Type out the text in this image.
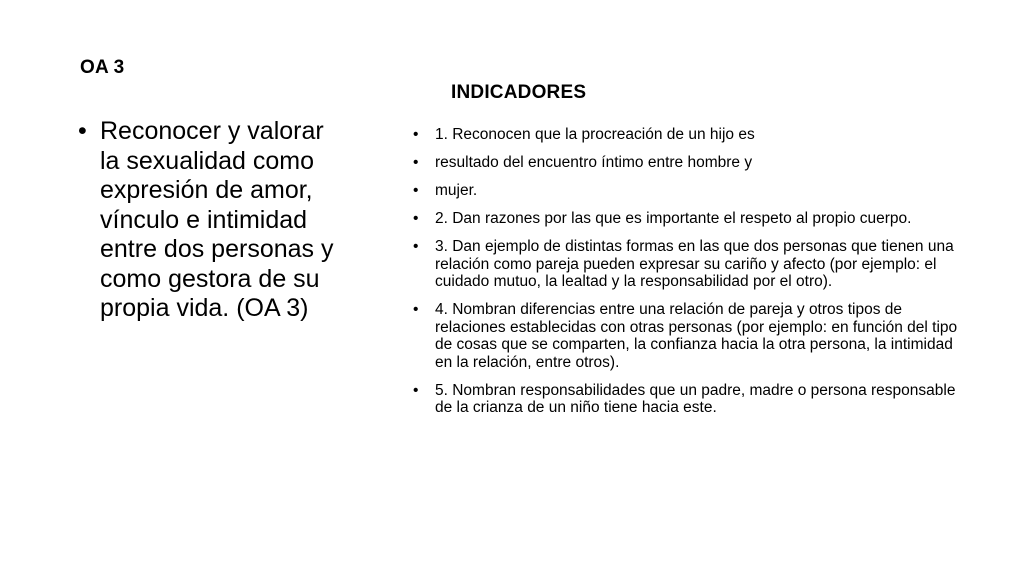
OA 3
• Reconocer y valorar la sexualidad como expresión de amor, vínculo e intimidad entre dos personas y como gestora de su propia vida. (OA 3)
INDICADORES
• 1. Reconocen que la procreación de un hijo es
• resultado del encuentro íntimo entre hombre y
• mujer.
• 2. Dan razones por las que es importante el respeto al propio cuerpo.
• 3. Dan ejemplo de distintas formas en las que dos personas que tienen una relación como pareja pueden expresar su cariño y afecto (por ejemplo: el cuidado mutuo, la lealtad y la responsabilidad por el otro).
• 4. Nombran diferencias entre una relación de pareja y otros tipos de relaciones establecidas con otras personas (por ejemplo: en función del tipo de cosas que se comparten, la confianza hacia la otra persona, la intimidad en la relación, entre otros).
• 5. Nombran responsabilidades que un padre, madre o persona responsable de la crianza de un niño tiene hacia este.
